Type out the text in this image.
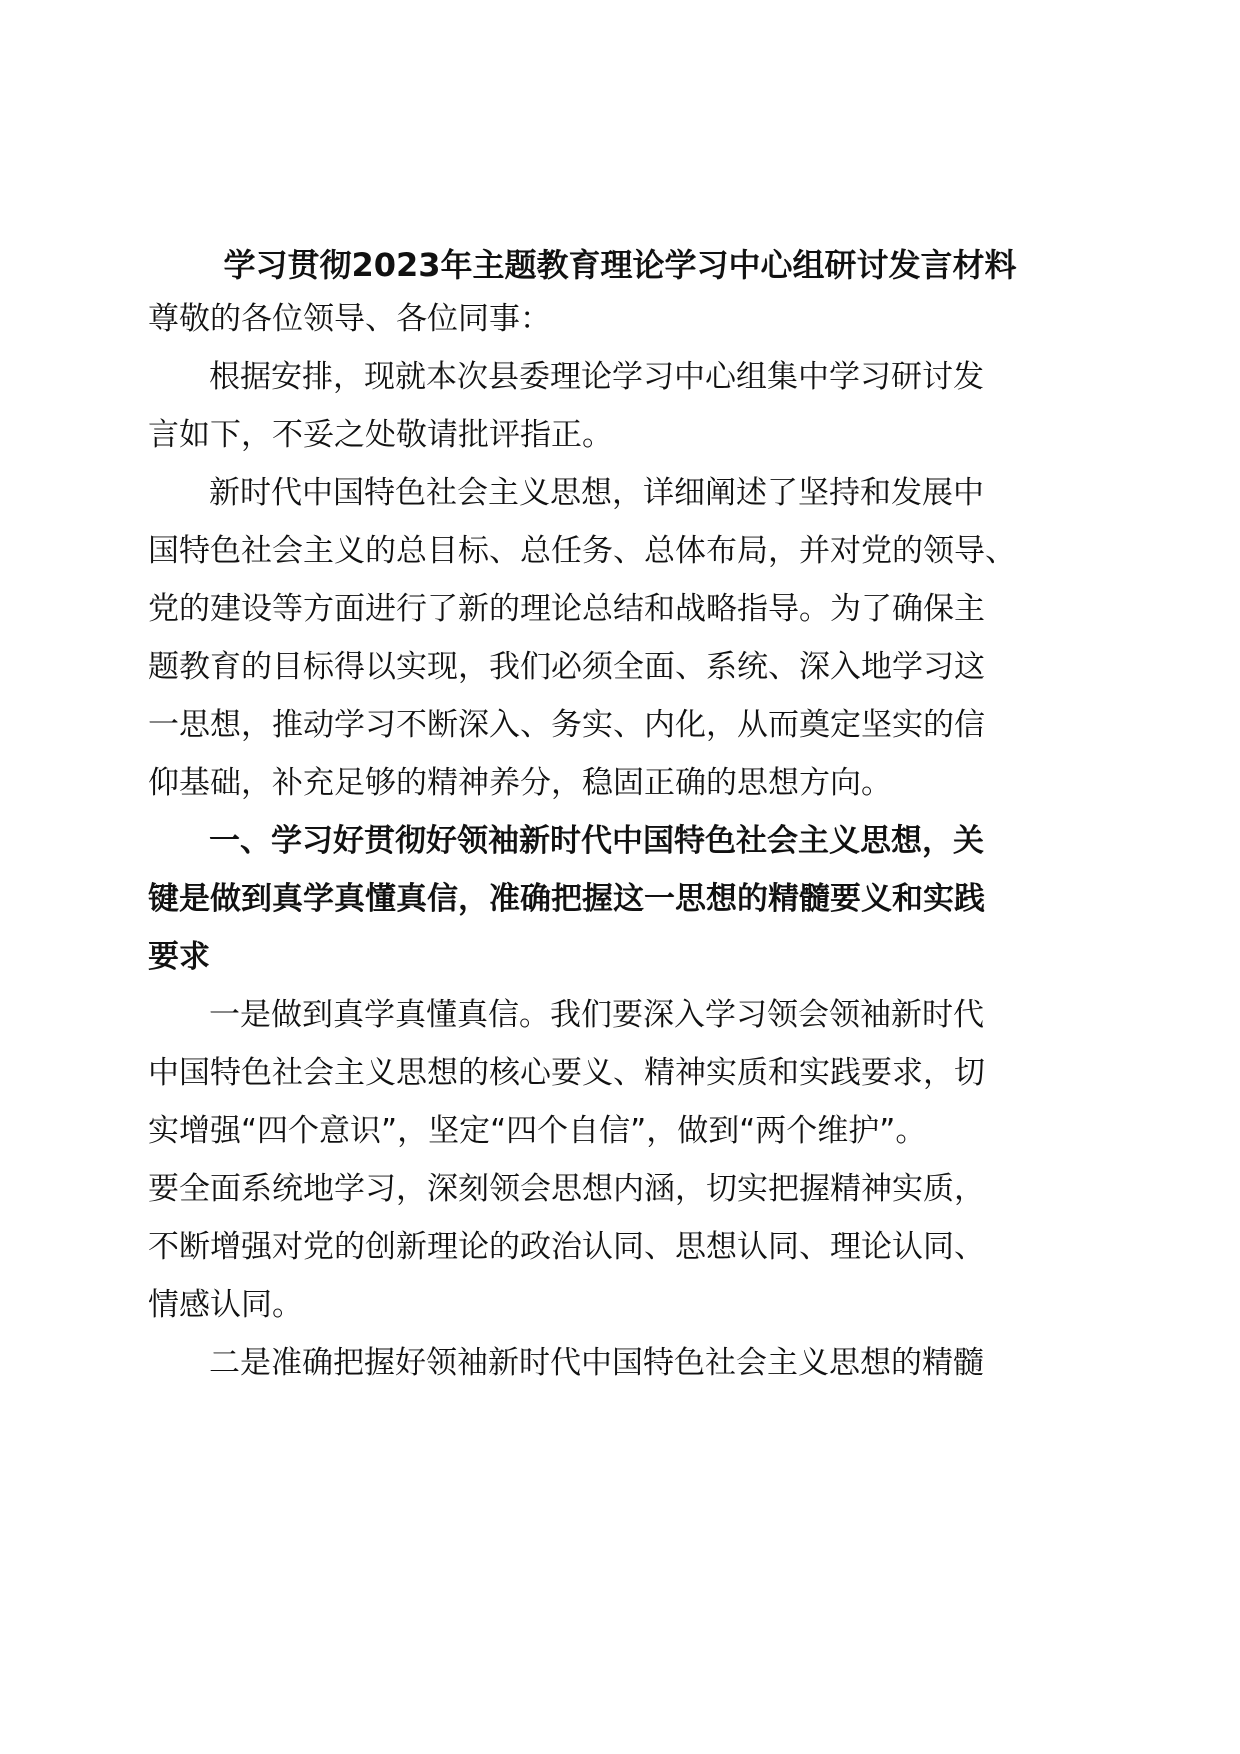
学习贯彻2023年主题教育理论学习中心组研讨发言材料

尊敬的各位领导、各位同事：

根据安排，现就本次县委理论学习中心组集中学习研讨发

言如下，不妥之处敬请批评指正。

新时代中国特色社会主义思想，详细阐述了坚持和发展中

国特色社会主义的总目标、总任务、总体布局，并对党的领导、

党的建设等方面进行了新的理论总结和战略指导。为了确保主

题教育的目标得以实现，我们必须全面、系统、深入地学习这

一思想，推动学习不断深入、务实、内化，从而奠定坚实的信

仰基础，补充足够的精神养分，稳固正确的思想方向。

一、学习好贯彻好领袖新时代中国特色社会主义思想，关

键是做到真学真懂真信，准确把握这一思想的精髓要义和实践

要求

一是做到真学真懂真信。我们要深入学习领会领袖新时代

中国特色社会主义思想的核心要义、精神实质和实践要求，切

实增强“四个意识”，坚定“四个自信”，做到“两个维护”。

要全面系统地学习，深刻领会思想内涵，切实把握精神实质，

不断增强对党的创新理论的政治认同、思想认同、理论认同、

情感认同。

二是准确把握好领袖新时代中国特色社会主义思想的精髓
